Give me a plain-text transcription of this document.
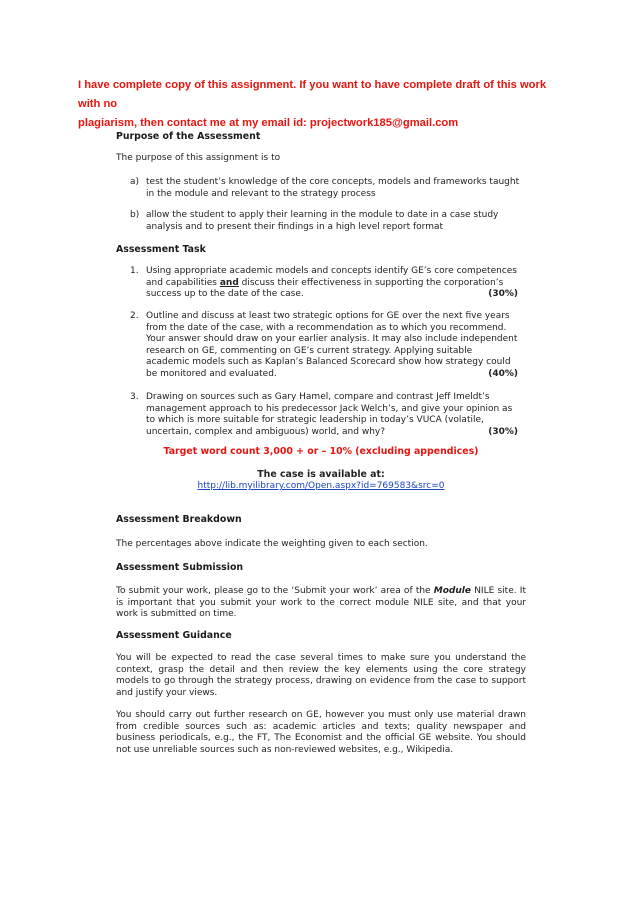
I have complete copy of this assignment. If you want to have complete draft of this work with no
plagiarism, then contact me at my email id: projectwork185@gmail.com
Purpose of the Assessment
The purpose of this assignment is to
a) test the student’s knowledge of the core concepts, models and frameworks taught in the module and relevant to the strategy process
b) allow the student to apply their learning in the module to date in a case study analysis and to present their findings in a high level report format
Assessment Task
1. Using appropriate academic models and concepts identify GE’s core competences and capabilities and discuss their effectiveness in supporting the corporation’s success up to the date of the case.	(30%)
2. Outline and discuss at least two strategic options for GE over the next five years from the date of the case, with a recommendation as to which you recommend. Your answer should draw on your earlier analysis. It may also include independent research on GE, commenting on GE’s current strategy. Applying suitable academic models such as Kaplan’s Balanced Scorecard show how strategy could be monitored and evaluated.	(40%)
3. Drawing on sources such as Gary Hamel, compare and contrast Jeff Imeldt’s management approach to his predecessor Jack Welch’s, and give your opinion as to which is more suitable for strategic leadership in today’s VUCA (volatile, uncertain, complex and ambiguous) world, and why?	(30%)
Target word count 3,000 + or – 10% (excluding appendices)
The case is available at:
http://lib.myilibrary.com/Open.aspx?id=769583&src=0
Assessment Breakdown
The percentages above indicate the weighting given to each section.
Assessment Submission
To submit your work, please go to the ‘Submit your work’ area of the Module NILE site. It is important that you submit your work to the correct module NILE site, and that your work is submitted on time.
Assessment Guidance
You will be expected to read the case several times to make sure you understand the context, grasp the detail and then review the key elements using the core strategy models to go through the strategy process, drawing on evidence from the case to support and justify your views.
You should carry out further research on GE, however you must only use material drawn from credible sources such as: academic articles and texts; quality newspaper and business periodicals, e.g., the FT, The Economist and the official GE website. You should not use unreliable sources such as non-reviewed websites, e.g., Wikipedia.
